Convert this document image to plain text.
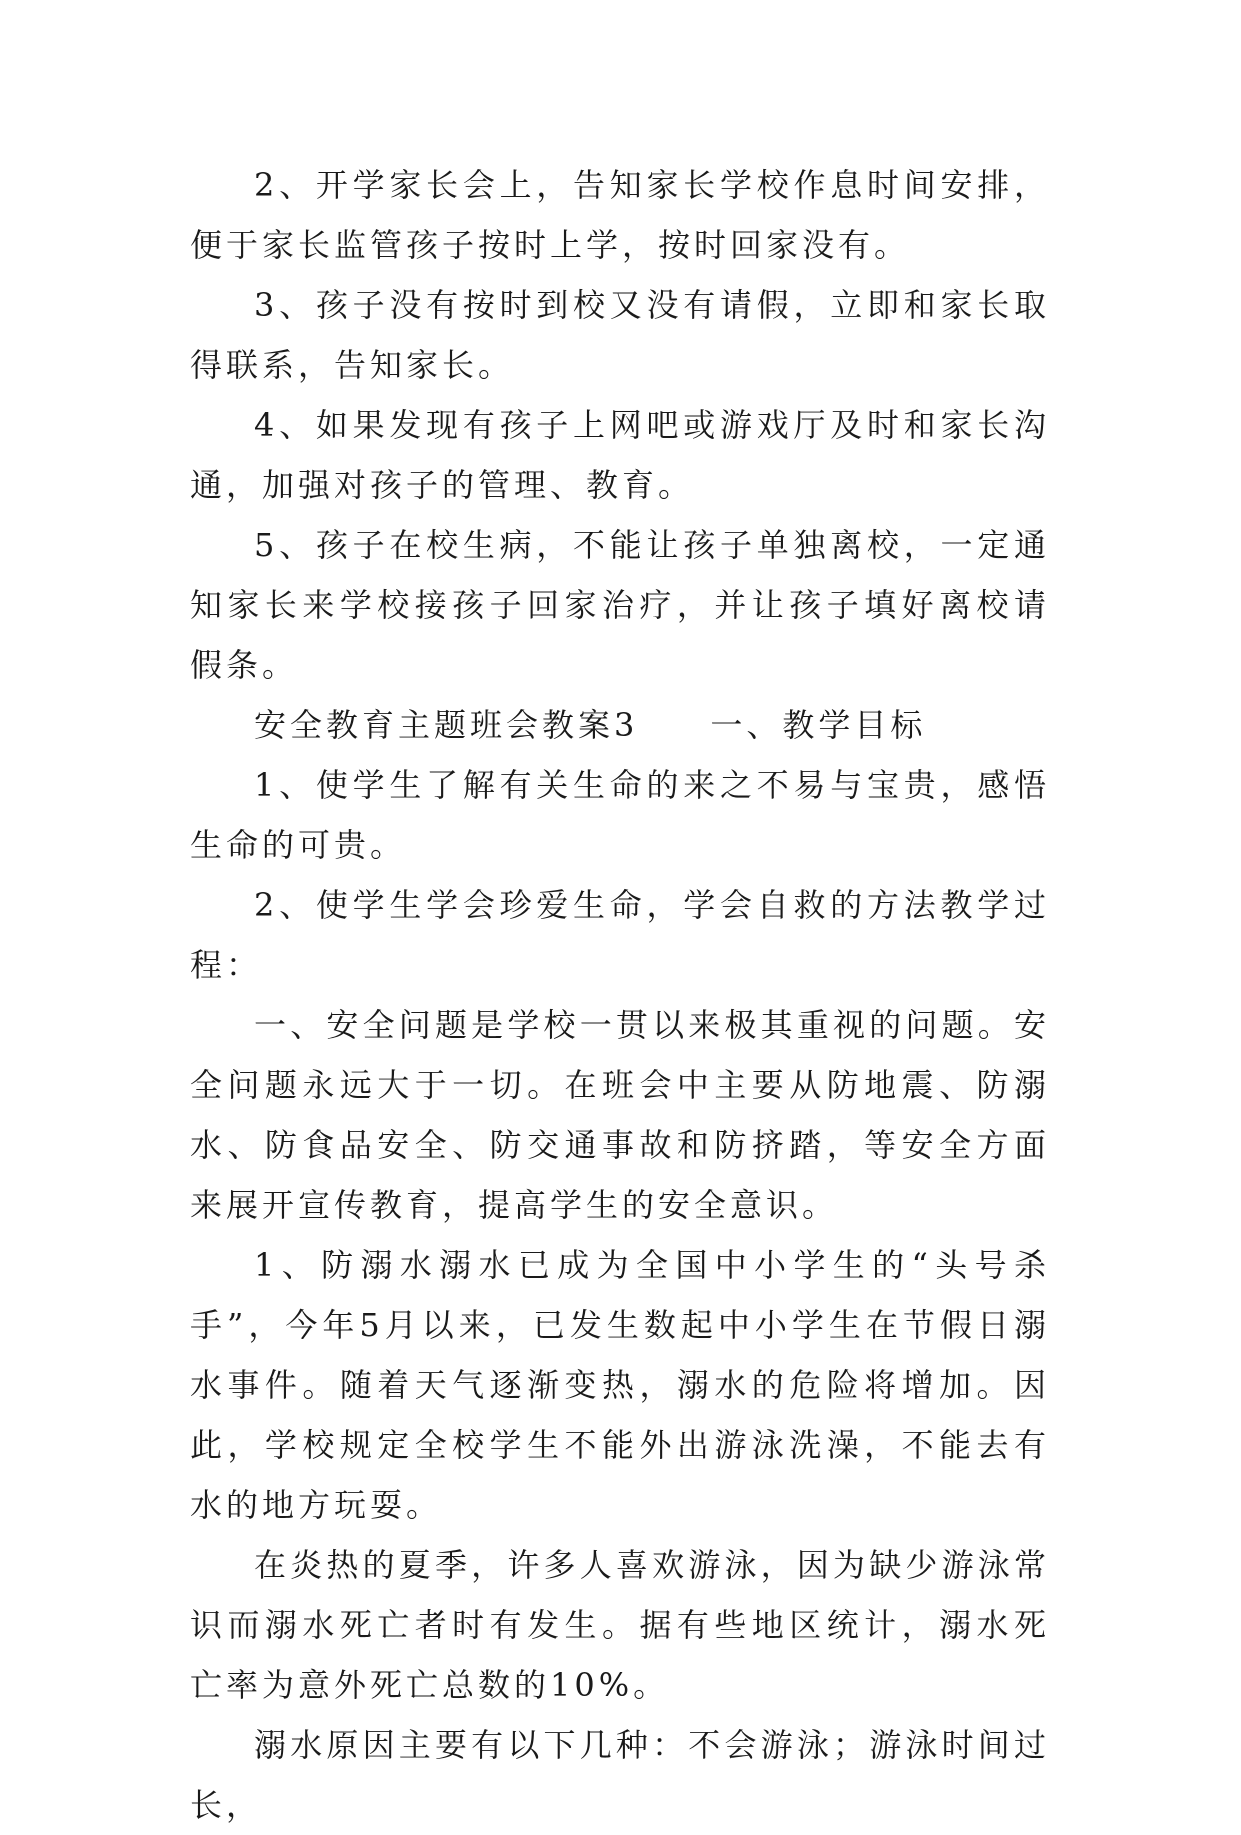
2、开学家长会上，告知家长学校作息时间安排，便于家长监管孩子按时上学，按时回家没有。

3、孩子没有按时到校又没有请假，立即和家长取得联系，告知家长。

4、如果发现有孩子上网吧或游戏厅及时和家长沟通，加强对孩子的管理、教育。

5、孩子在校生病，不能让孩子单独离校，一定通知家长来学校接孩子回家治疗，并让孩子填好离校请假条。

安全教育主题班会教案3　　一、教学目标

1、使学生了解有关生命的来之不易与宝贵，感悟生命的可贵。

2、使学生学会珍爱生命，学会自救的方法教学过程：

一、安全问题是学校一贯以来极其重视的问题。安全问题永远大于一切。在班会中主要从防地震、防溺水、防食品安全、防交通事故和防挤踏，等安全方面来展开宣传教育，提高学生的安全意识。

1、防溺水溺水已成为全国中小学生的“头号杀手”，今年5月以来，已发生数起中小学生在节假日溺水事件。随着天气逐渐变热，溺水的危险将增加。因此，学校规定全校学生不能外出游泳洗澡，不能去有水的地方玩耍。

在炎热的夏季，许多人喜欢游泳，因为缺少游泳常识而溺水死亡者时有发生。据有些地区统计，溺水死亡率为意外死亡总数的10%。

溺水原因主要有以下几种：不会游泳；游泳时间过长，
